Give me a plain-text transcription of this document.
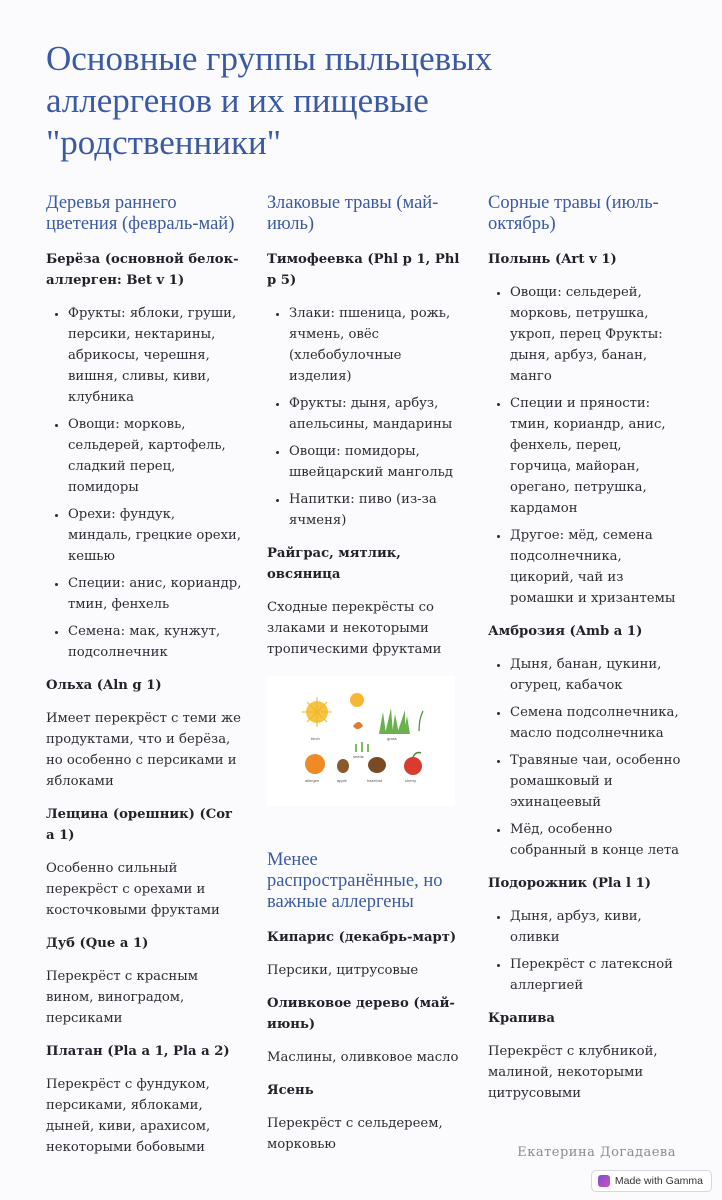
Основные группы пыльцевых аллергенов и их пищевые "родственники"
Деревья раннего цветения (февраль-май)
Берёза (основной белок-аллерген: Bet v 1)
• Фрукты: яблоки, груши, персики, нектарины, абрикосы, черешня, вишня, сливы, киви, клубника
• Овощи: морковь, сельдерей, картофель, сладкий перец, помидоры
• Орехи: фундук, миндаль, грецкие орехи, кешью
• Специи: анис, кориандр, тмин, фенхель
• Семена: мак, кунжут, подсолнечник
Ольха (Aln g 1)
Имеет перекрёст с теми же продуктами, что и берёза, но особенно с персиками и яблоками
Лещина (орешник) (Cor a 1)
Особенно сильный перекрёст с орехами и косточковыми фруктами
Дуб (Que a 1)
Перекрёст с красным вином, виноградом, персиками
Платан (Pla a 1, Pla a 2)
Перекрёст с фундуком, персиками, яблоками, дыней, киви, арахисом, некоторыми бобовыми
Злаковые травы (май-июль)
Тимофеевка (Phl p 1, Phl p 5)
• Злаки: пшеница, рожь, ячмень, овёс (хлебобулочные изделия)
• Фрукты: дыня, арбуз, апельсины, мандарины
• Овощи: помидоры, швейцарский мангольд
• Напитки: пиво (из-за ячменя)
Райграс, мятлик, овсяница
Сходные перекрёсты со злаками и некоторыми тропическими фруктами
birch	grass
seeds
allergen	apple	hazelnut	cherry
Менее распространённые, но важные аллергены
Кипарис (декабрь-март)
Персики, цитрусовые
Оливковое дерево (май-июнь)
Маслины, оливковое масло
Ясень
Перекрёст с сельдереем, морковью
Сорные травы (июль-октябрь)
Полынь (Art v 1)
• Овощи: сельдерей, морковь, петрушка, укроп, перец Фрукты: дыня, арбуз, банан, манго
• Специи и пряности: тмин, кориандр, анис, фенхель, перец, горчица, майоран, орегано, петрушка, кардамон
• Другое: мёд, семена подсолнечника, цикорий, чай из ромашки и хризантемы
Амброзия (Amb a 1)
• Дыня, банан, цукини, огурец, кабачок
• Семена подсолнечника, масло подсолнечника
• Травяные чаи, особенно ромашковый и эхинацеевый
• Мёд, особенно собранный в конце лета
Подорожник (Pla l 1)
• Дыня, арбуз, киви, оливки
• Перекрёст с латексной аллергией
Крапива
Перекрёст с клубникой, малиной, некоторыми цитрусовыми
Екатерина Догадаева
Made with Gamma
